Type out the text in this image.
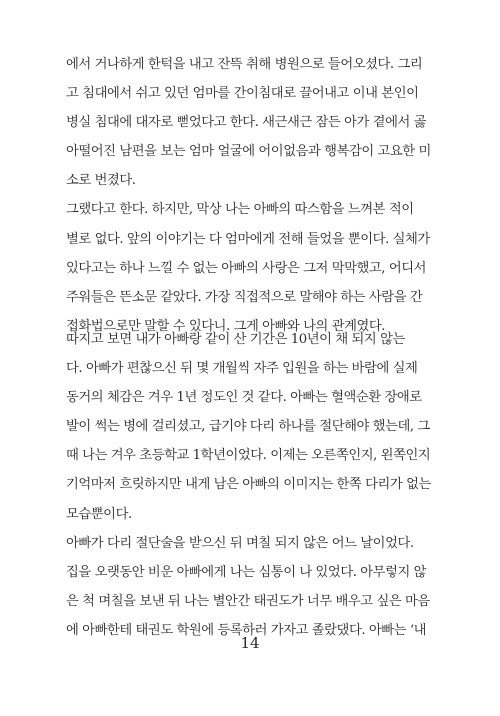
에서 거나하게 한턱을 내고 잔뜩 취해 병원으로 들어오셨다. 그리
고 침대에서 쉬고 있던 엄마를 간이침대로 끌어내고 이내 본인이
병실 침대에 대자로 뻗었다고 한다. 새근새근 잠든 아가 곁에서 곯
아떨어진 남편을 보는 엄마 얼굴에 어이없음과 행복감이 고요한 미
소로 번졌다.
그랬다고 한다. 하지만, 막상 나는 아빠의 따스함을 느껴본 적이
별로 없다. 앞의 이야기는 다 엄마에게 전해 들었을 뿐이다. 실체가
있다고는 하나 느낄 수 없는 아빠의 사랑은 그저 막막했고, 어디서
주워들은 뜬소문 같았다. 가장 직접적으로 말해야 하는 사람을 간
접화법으로만 말할 수 있다니. 그게 아빠와 나의 관계였다.
따지고 보면 내가 아빠랑 같이 산 기간은 10년이 채 되지 않는
다. 아빠가 편찮으신 뒤 몇 개월씩 자주 입원을 하는 바람에 실제
동거의 체감은 겨우 1년 정도인 것 같다. 아빠는 혈액순환 장애로
발이 썩는 병에 걸리셨고, 급기야 다리 하나를 절단해야 했는데, 그
때 나는 겨우 초등학교 1학년이었다. 이제는 오른쪽인지, 왼쪽인지
기억마저 흐릿하지만 내게 남은 아빠의 이미지는 한쪽 다리가 없는
모습뿐이다.
아빠가 다리 절단술을 받으신 뒤 며칠 되지 않은 어느 날이었다.
집을 오랫동안 비운 아빠에게 나는 심통이 나 있었다. 아무렇지 않
은 척 며칠을 보낸 뒤 나는 별안간 태권도가 너무 배우고 싶은 마음
에 아빠한테 태권도 학원에 등록하러 가자고 졸랐댔다. 아빠는 ‘내
14
